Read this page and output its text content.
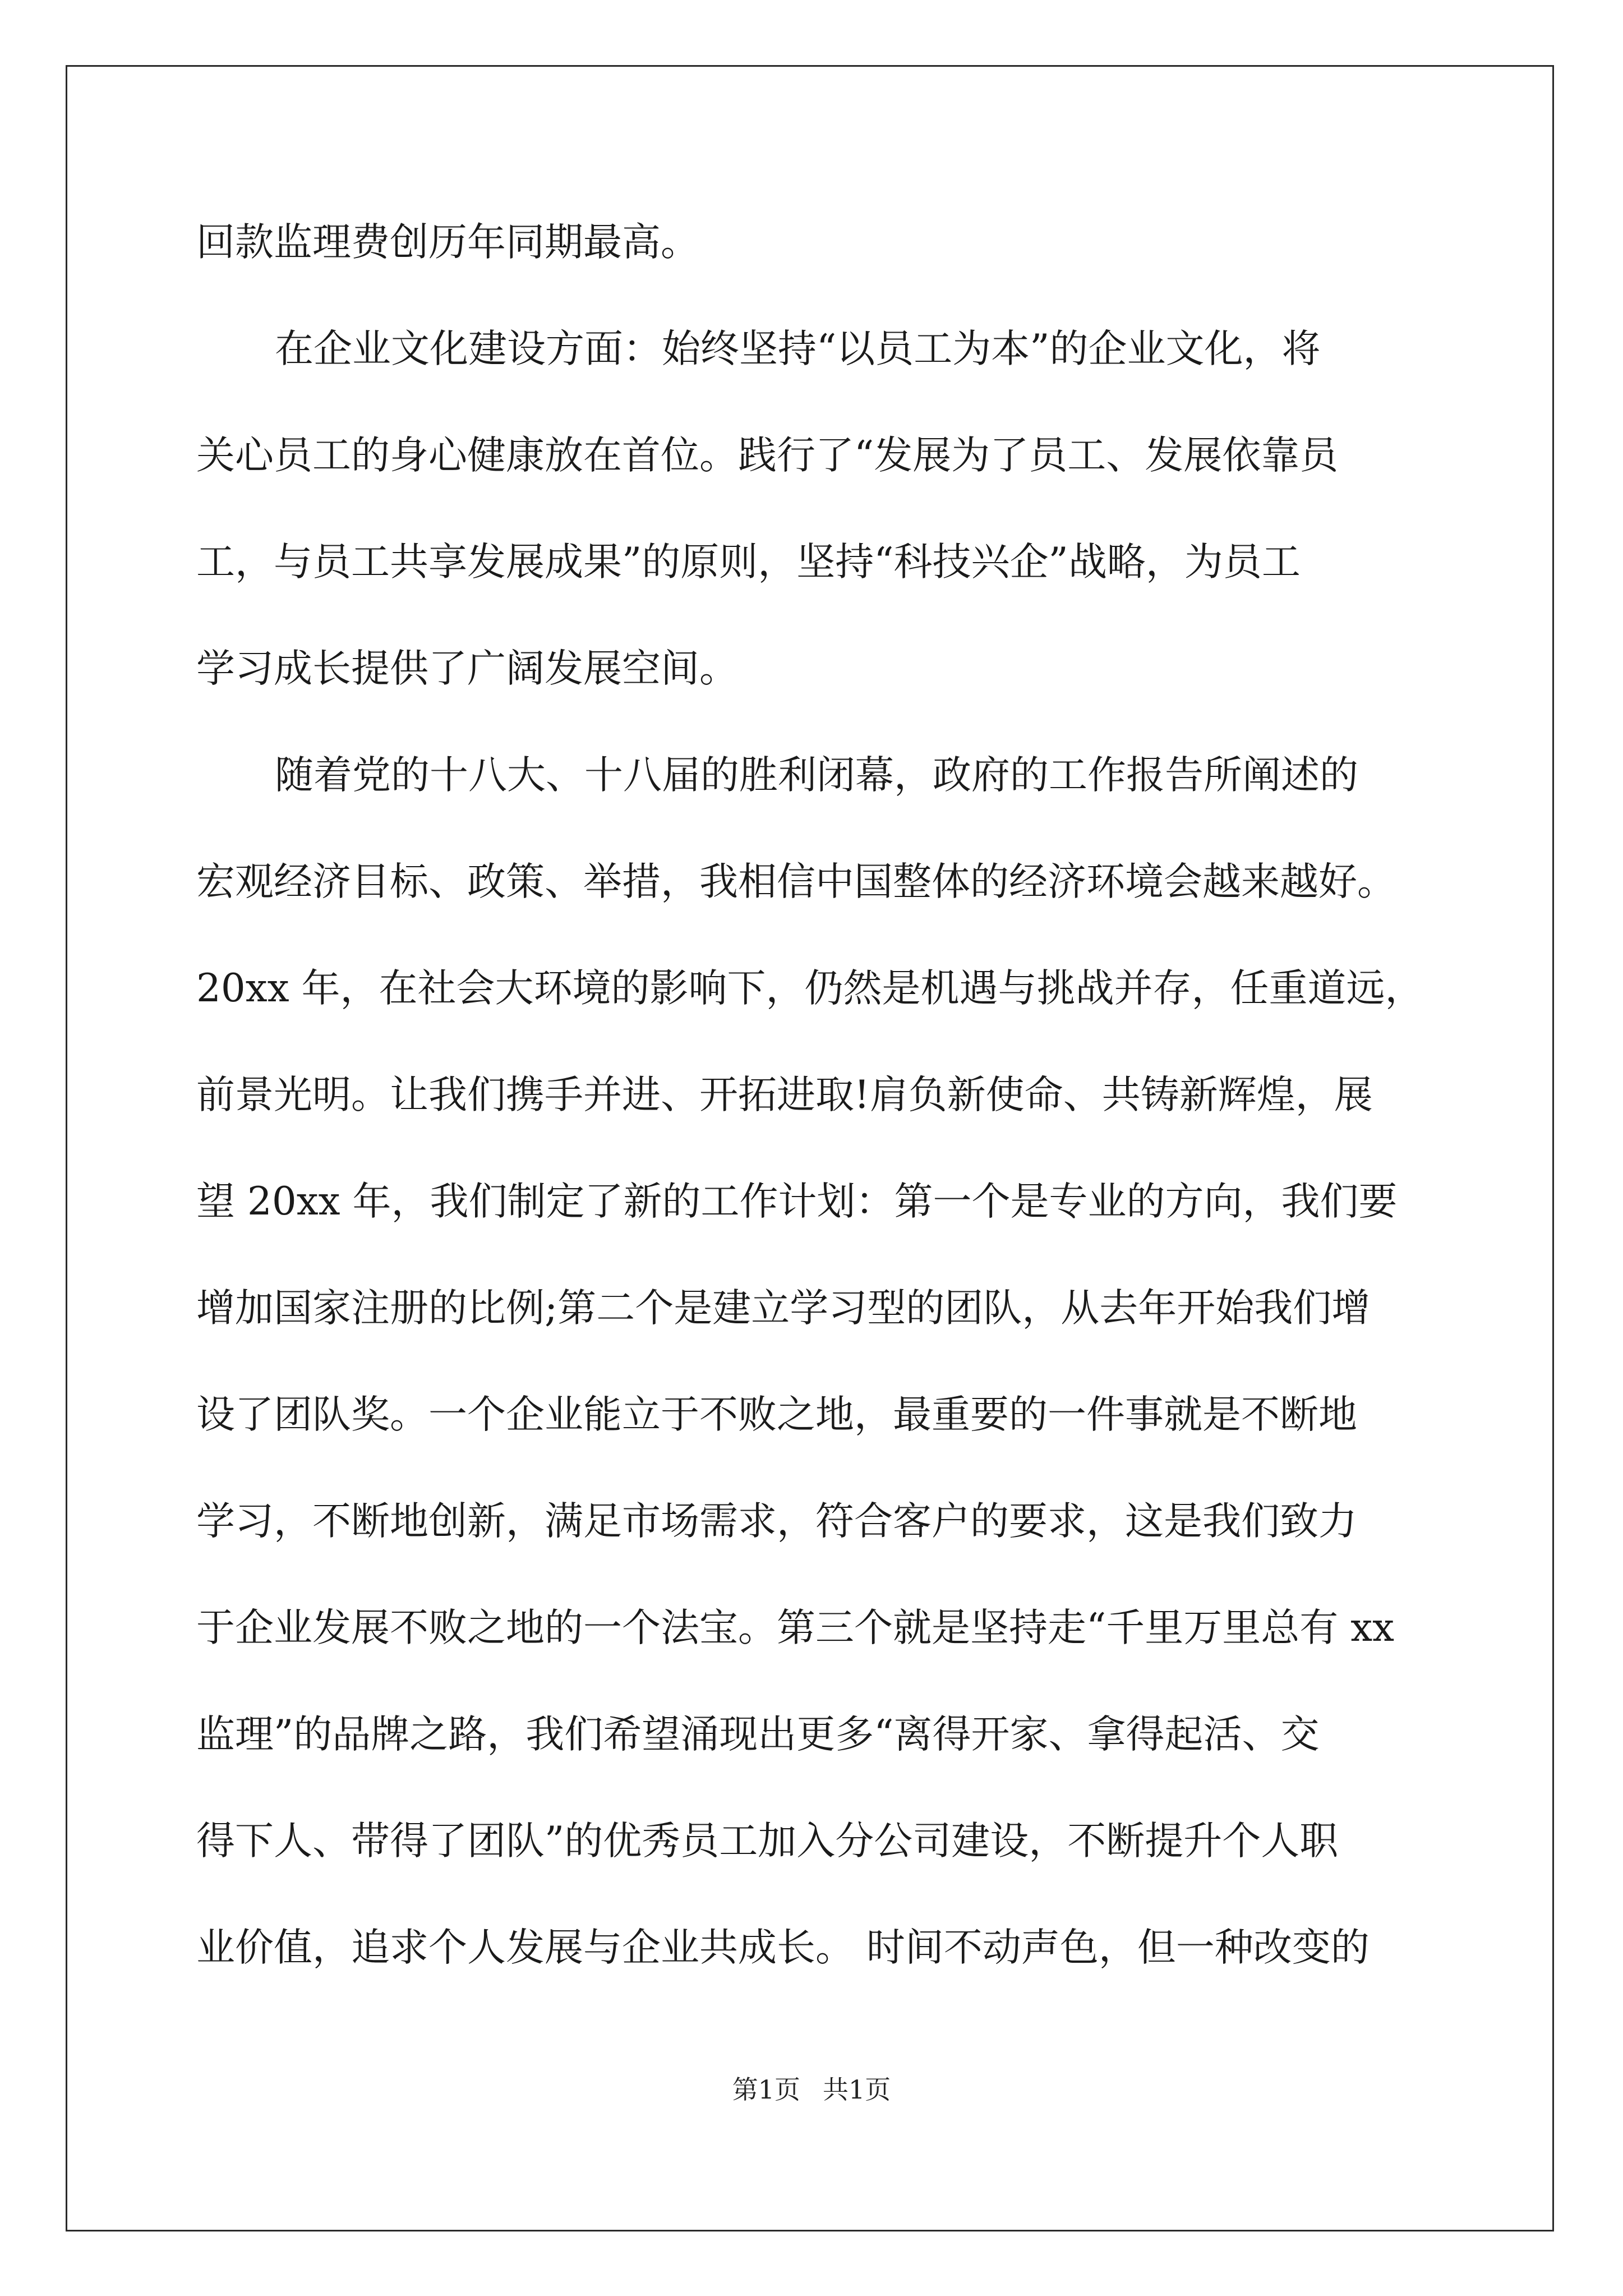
回款监理费创历年同期最高。
在企业文化建设方面：始终坚持“以员工为本”的企业文化，将
关心员工的身心健康放在首位。践行了“发展为了员工、发展依靠员
工，与员工共享发展成果”的原则，坚持“科技兴企”战略，为员工
学习成长提供了广阔发展空间。
随着党的十八大、十八届的胜利闭幕，政府的工作报告所阐述的
宏观经济目标、政策、举措，我相信中国整体的经济环境会越来越好。
20xx 年，在社会大环境的影响下，仍然是机遇与挑战并存，任重道远，
前景光明。让我们携手并进、开拓进取!肩负新使命、共铸新辉煌，展
望 20xx 年，我们制定了新的工作计划：第一个是专业的方向，我们要
增加国家注册的比例;第二个是建立学习型的团队，从去年开始我们增
设了团队奖。一个企业能立于不败之地，最重要的一件事就是不断地
学习，不断地创新，满足市场需求，符合客户的要求，这是我们致力
于企业发展不败之地的一个法宝。第三个就是坚持走“千里万里总有 xx
监理”的品牌之路，我们希望涌现出更多“离得开家、拿得起活、交
得下人、带得了团队”的优秀员工加入分公司建设，不断提升个人职
业价值，追求个人发展与企业共成长。 时间不动声色，但一种改变的
第1页 共1页
